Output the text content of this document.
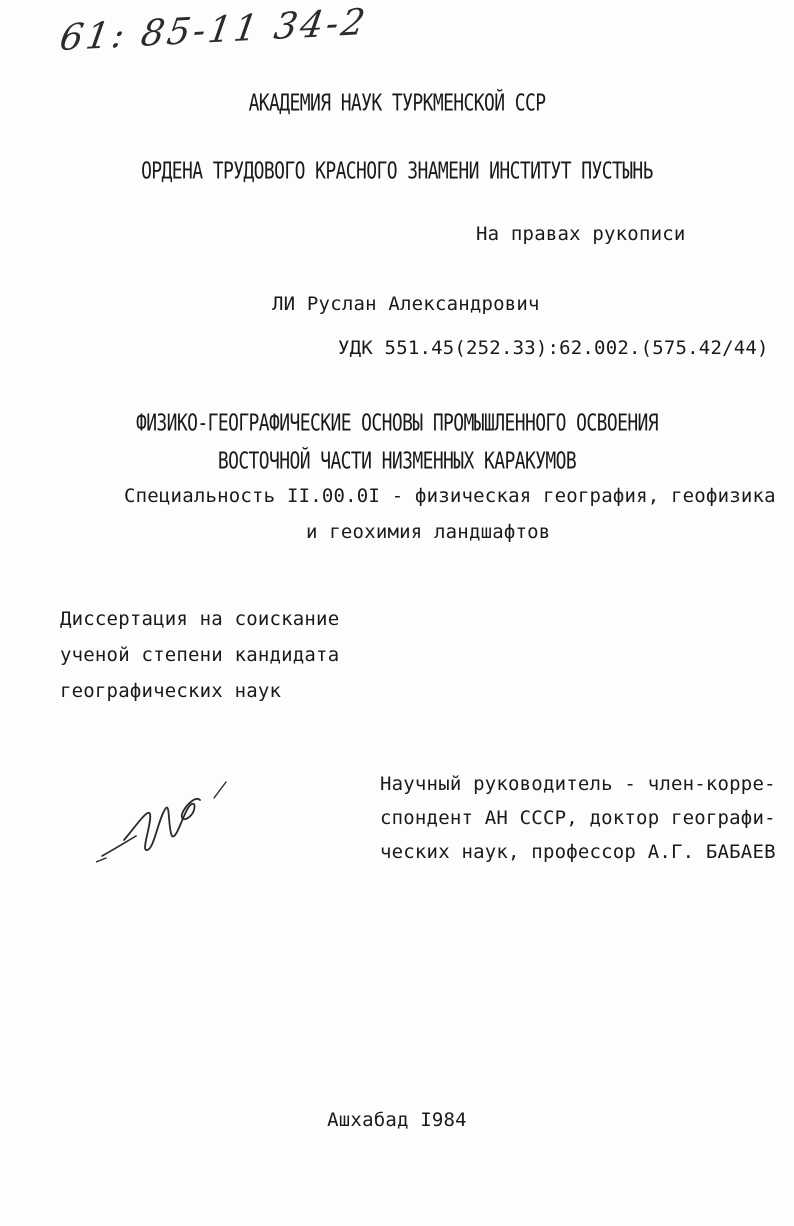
61: 85-11 34-2
АКАДЕМИЯ НАУК ТУРКМЕНСКОЙ ССР
ОРДЕНА ТРУДОВОГО КРАСНОГО ЗНАМЕНИ ИНСТИТУТ ПУСТЫНЬ
На правах рукописи
ЛИ Руслан Александрович
УДК 551.45(252.33):62.002.(575.42/44)
ФИЗИКО-ГЕОГРАФИЧЕСКИЕ ОСНОВЫ ПРОМЫШЛЕННОГО ОСВОЕНИЯ
ВОСТОЧНОЙ ЧАСТИ НИЗМЕННЫХ КАРАКУМОВ
Специальность II.00.0I - физическая география, геофизика
и геохимия ландшафтов
Диссертация на соискание
ученой степени кандидата
географических наук
Научный руководитель - член-корре-
спондент АН СССР, доктор географи-
ческих наук, профессор А.Г. БАБАЕВ
Ашхабад I984
